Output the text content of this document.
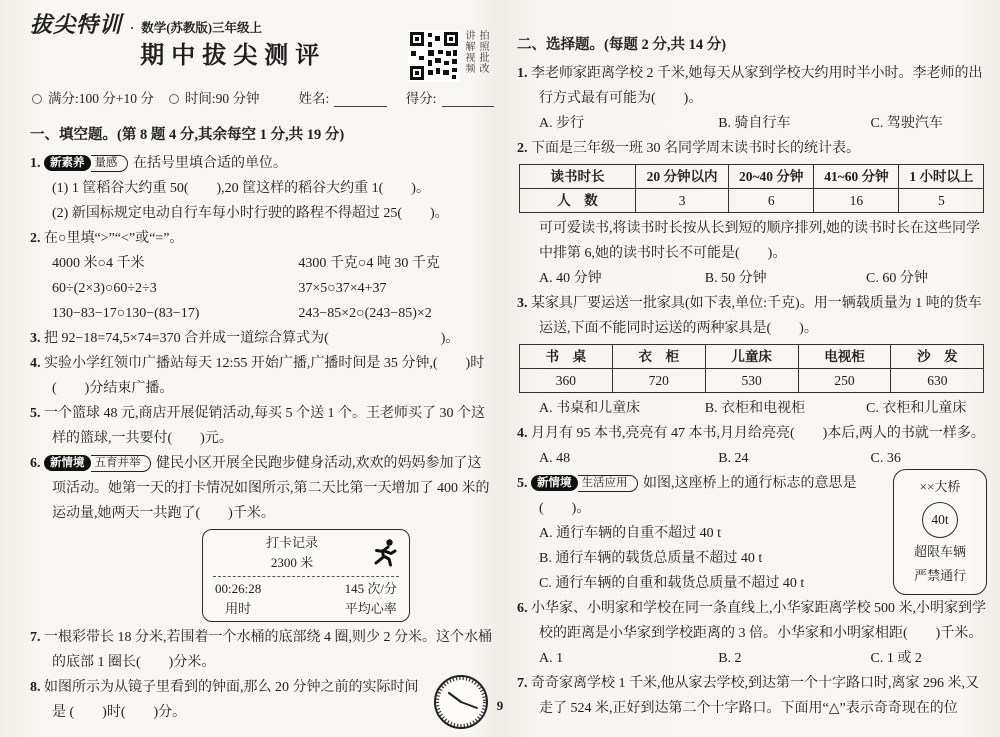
拔尖特训 · 数学(苏教版)三年级上
期中拔尖测评	讲解视频 拍照批改
满分:100 分+10 分 时间:90 分钟	姓名:	得分:
一、填空题。(第 8 题 4 分,其余每空 1 分,共 19 分)

1. 新素养 量感 在括号里填合适的单位。

(1) 1 筐稻谷大约重 50(　　),20 筐这样的稻谷大约重 1(　　)。
(2) 新国标规定电动自行车每小时行驶的路程不得超过 25(　　)。

2. 在○里填“>”“<”或“=”。

4000 米○4 千米	4300 千克○4 吨 30 千克
60÷(2×3)○60÷2÷3	37×5○37×4+37
130−83−17○130−(83−17)	243−85×2○(243−85)×2

3. 把 92−18=74,5×74=370 合并成一道综合算式为(　　　　　　　　)。

4. 实验小学红领巾广播站每天 12:55 开始广播,广播时间是 35 分钟,(　　)时(　　)分结束广播。

5. 一个篮球 48 元,商店开展促销活动,每买 5 个送 1 个。王老师买了 30 个这样的篮球,一共要付(　　)元。

6. 新情境 五育并举 健民小区开展全民跑步健身活动,欢欢的妈妈参加了这项活动。她第一天的打卡情况如图所示,第二天比第一天增加了 400 米的运动量,她两天一共跑了(　　)千米。

打卡记录
2300 米
00:26:28
用时
145 次/分
平均心率

7. 一根彩带长 18 分米,若围着一个水桶的底部绕 4 圈,则少 2 分米。这个水桶的底部 1 圈长(　　)分米。

8. 如图所示为从镜子里看到的钟面,那么 20 分钟之前的实际时间是 (　　)时(　　)分。

二、选择题。(每题 2 分,共 14 分)

1. 李老师家距离学校 2 千米,她每天从家到学校大约用时半小时。李老师的出行方式最有可能为(　　)。

A. 步行	B. 骑自行车	C. 驾驶汽车

2. 下面是三年级一班 30 名同学周末读书时长的统计表。

读书时长	20 分钟以内	20~40 分钟	41~60 分钟	1 小时以上
人　数	3	6	16	5
可可爱读书,将读书时长按从长到短的顺序排列,她的读书时长在这些同学中排第 6,她的读书时长不可能是(　　)。
A. 40 分钟	B. 50 分钟	C. 60 分钟

3. 某家具厂要运送一批家具(如下表,单位:千克)。用一辆载质量为 1 吨的货车运送,下面不能同时运送的两种家具是(　　)。

书　桌	衣　柜	儿童床	电视柜	沙　发
360	720	530	250	630
A. 书桌和儿童床	B. 衣柜和电视柜	C. 衣柜和儿童床

4. 月月有 95 本书,亮亮有 47 本书,月月给亮亮(　　)本后,两人的书就一样多。

A. 48	B. 24	C. 36
××大桥
40t
超限车辆
严禁通行

5. 新情境 生活应用 如图,这座桥上的通行标志的意思是(　　)。

A. 通行车辆的自重不超过 40 t
B. 通行车辆的载货总质量不超过 40 t
C. 通行车辆的自重和载货总质量不超过 40 t

6. 小华家、小明家和学校在同一条直线上,小华家距离学校 500 米,小明家到学校的距离是小华家到学校距离的 3 倍。小华家和小明家相距(　　)千米。

A. 1	B. 2	C. 1 或 2

7. 奇奇家离学校 1 千米,他从家去学校,到达第一个十字路口时,离家 296 米,又走了 524 米,正好到达第二个十字路口。下面用“△”表示奇奇现在的位

9
